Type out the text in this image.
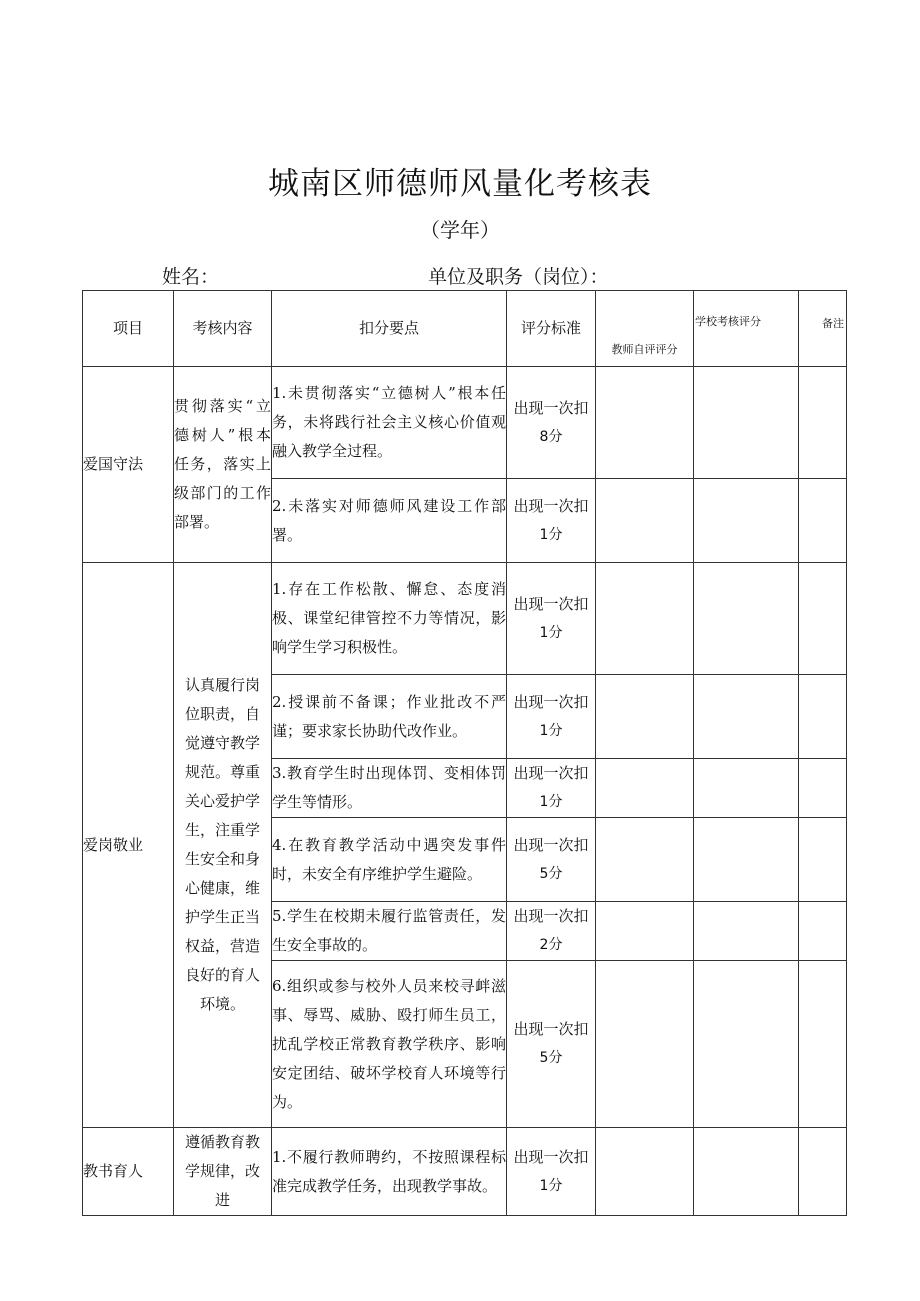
城南区师德师风量化考核表
（学年）
姓名：	单位及职务（岗位）：
项目	考核内容	扣分要点	评分标准	教师自评评分	学校考核评分	备注
爱国守法	贯彻落实“立德树人”根本任务，落实上级部门的工作部署。	1.未贯彻落实“立德树人”根本任务，未将践行社会主义核心价值观融入教学全过程。	出现一次扣
8分			

		2.未落实对师德师风建设工作部署。	出现一次扣
1分			

爱岗敬业	认真履行岗位职责，自觉遵守教学规范。尊重关心爱护学生，注重学生安全和身心健康，维护学生正当权益，营造良好的育人环境。	1.存在工作松散、懈怠、态度消极、课堂纪律管控不力等情况，影响学生学习积极性。	出现一次扣
1分			

		2.授课前不备课；作业批改不严谨；要求家长协助代改作业。	出现一次扣
1分			

		3.教育学生时出现体罚、变相体罚学生等情形。	出现一次扣
1分			

		4.在教育教学活动中遇突发事件时，未安全有序维护学生避险。	出现一次扣
5分			

		5.学生在校期未履行监管责任，发生安全事故的。	出现一次扣
2分			

		6.组织或参与校外人员来校寻衅滋事、辱骂、威胁、殴打师生员工，扰乱学校正常教育教学秩序、影响安定团结、破坏学校育人环境等行为。	出现一次扣
5分			

教书育人	遵循教育教学规律，改进	1.不履行教师聘约，不按照课程标准完成教学任务，出现教学事故。	出现一次扣
1分			
